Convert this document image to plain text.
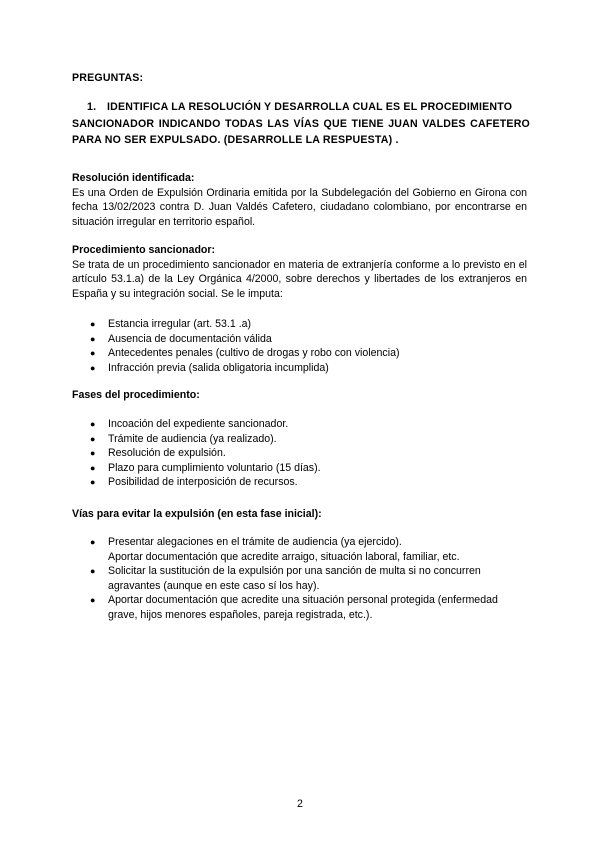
PREGUNTAS:
1. IDENTIFICA LA RESOLUCIÓN Y DESARROLLA CUAL ES EL PROCEDIMIENTO
SANCIONADOR INDICANDO TODAS LAS VÍAS QUE TIENE JUAN VALDES CAFETERO PARA NO SER EXPULSADO. (DESARROLLE LA RESPUESTA) .
Resolución identificada:
Es una Orden de Expulsión Ordinaria emitida por la Subdelegación del Gobierno en Girona con fecha 13/02/2023 contra D. Juan Valdés Cafetero, ciudadano colombiano, por encontrarse en situación irregular en territorio español.
Procedimiento sancionador:
Se trata de un procedimiento sancionador en materia de extranjería conforme a lo previsto en el artículo 53.1.a) de la Ley Orgánica 4/2000, sobre derechos y libertades de los extranjeros en España y su integración social. Se le imputa:
● Estancia irregular (art. 53.1 .a)
● Ausencia de documentación válida
● Antecedentes penales (cultivo de drogas y robo con violencia)
● Infracción previa (salida obligatoria incumplida)
Fases del procedimiento:
● Incoación del expediente sancionador.
● Trámite de audiencia (ya realizado).
● Resolución de expulsión.
● Plazo para cumplimiento voluntario (15 días).
● Posibilidad de interposición de recursos.
Vías para evitar la expulsión (en esta fase inicial):
● Presentar alegaciones en el trámite de audiencia (ya ejercido).
Aportar documentación que acredite arraigo, situación laboral, familiar, etc.
● Solicitar la sustitución de la expulsión por una sanción de multa si no concurren
agravantes (aunque en este caso sí los hay).
● Aportar documentación que acredite una situación personal protegida (enfermedad
grave, hijos menores españoles, pareja registrada, etc.).
2
